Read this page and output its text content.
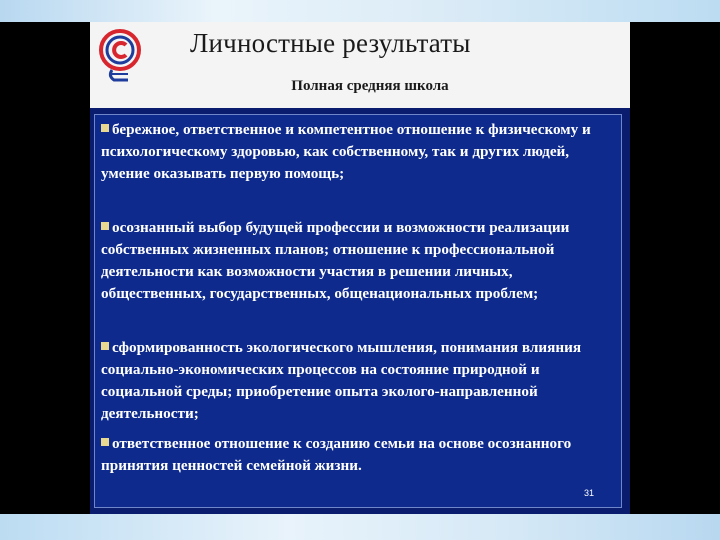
Личностные результаты
Полная средняя школа
бережное, ответственное и компетентное отношение к физическому и психологическому здоровью, как собственному, так и других людей, умение оказывать первую помощь;
осознанный выбор будущей профессии и возможности реализации собственных жизненных планов; отношение к профессиональной деятельности как возможности участия в решении личных, общественных, государственных, общенациональных проблем;
сформированность экологического мышления, понимания влияния социально-экономических процессов на состояние природной и социальной среды; приобретение опыта эколого-направленной деятельности;
ответственное отношение к созданию семьи на основе осознанного принятия ценностей семейной жизни.
31
